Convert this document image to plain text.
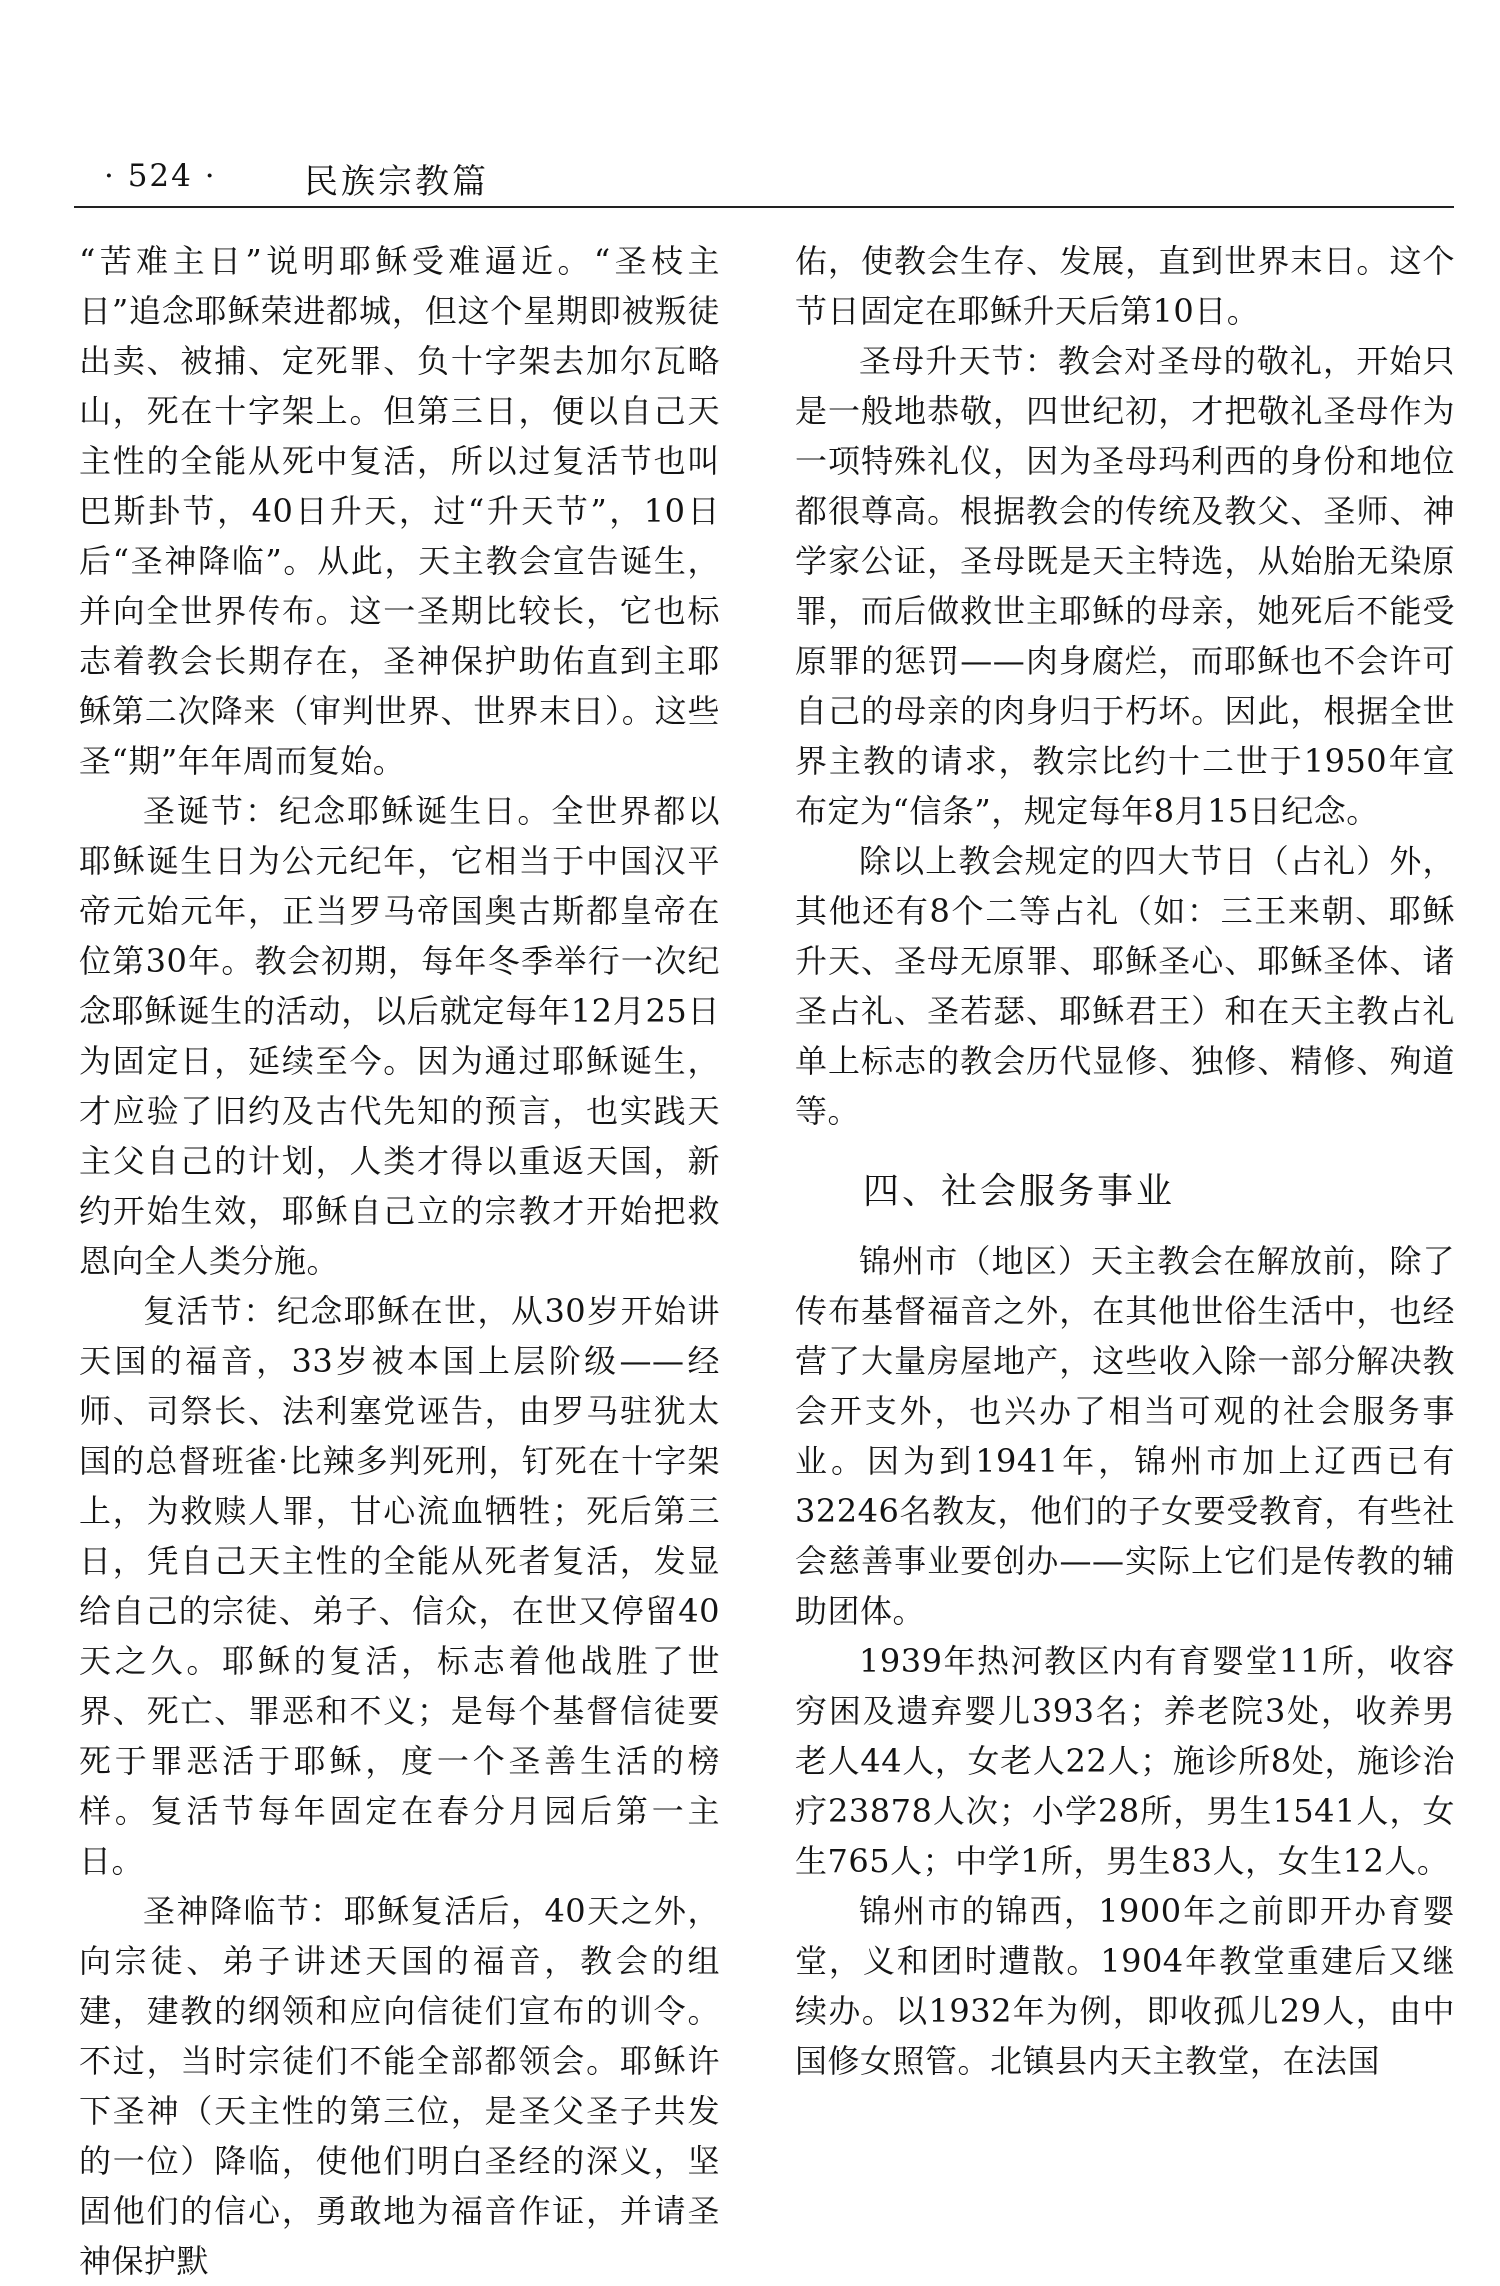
· 524 ·	民族宗教篇

“苦难主日”说明耶稣受难逼近。“圣枝主日”追念耶稣荣进都城，但这个星期即被叛徒出卖、被捕、定死罪、负十字架去加尔瓦略山，死在十字架上。但第三日，便以自己天主性的全能从死中复活，所以过复活节也叫巴斯卦节，40日升天，过“升天节”，10日后“圣神降临”。从此，天主教会宣告诞生，并向全世界传布。这一圣期比较长，它也标志着教会长期存在，圣神保护助佑直到主耶稣第二次降来（审判世界、世界末日）。这些圣“期”年年周而复始。

圣诞节：纪念耶稣诞生日。全世界都以耶稣诞生日为公元纪年，它相当于中国汉平帝元始元年，正当罗马帝国奥古斯都皇帝在位第30年。教会初期，每年冬季举行一次纪念耶稣诞生的活动，以后就定每年12月25日为固定日，延续至今。因为通过耶稣诞生，才应验了旧约及古代先知的预言，也实践天主父自己的计划，人类才得以重返天国，新约开始生效，耶稣自己立的宗教才开始把救恩向全人类分施。

复活节：纪念耶稣在世，从30岁开始讲天国的福音，33岁被本国上层阶级——经师、司祭长、法利塞党诬告，由罗马驻犹太国的总督班雀·比辣多判死刑，钉死在十字架上，为救赎人罪，甘心流血牺牲；死后第三日，凭自己天主性的全能从死者复活，发显给自己的宗徒、弟子、信众，在世又停留40天之久。耶稣的复活，标志着他战胜了世界、死亡、罪恶和不义；是每个基督信徒要死于罪恶活于耶稣，度一个圣善生活的榜样。复活节每年固定在春分月园后第一主日。

圣神降临节：耶稣复活后，40天之外，向宗徒、弟子讲述天国的福音，教会的组建，建教的纲领和应向信徒们宣布的训令。不过，当时宗徒们不能全部都领会。耶稣许下圣神（天主性的第三位，是圣父圣子共发的一位）降临，使他们明白圣经的深义，坚固他们的信心，勇敢地为福音作证，并请圣神保护默

佑，使教会生存、发展，直到世界末日。这个节日固定在耶稣升天后第10日。

圣母升天节：教会对圣母的敬礼，开始只是一般地恭敬，四世纪初，才把敬礼圣母作为一项特殊礼仪，因为圣母玛利西的身份和地位都很尊高。根据教会的传统及教父、圣师、神学家公证，圣母既是天主特选，从始胎无染原罪，而后做救世主耶稣的母亲，她死后不能受原罪的惩罚——肉身腐烂，而耶稣也不会许可自己的母亲的肉身归于朽坏。因此，根据全世界主教的请求，教宗比约十二世于1950年宣布定为“信条”，规定每年8月15日纪念。

除以上教会规定的四大节日（占礼）外，其他还有8个二等占礼（如：三王来朝、耶稣升天、圣母无原罪、耶稣圣心、耶稣圣体、诸圣占礼、圣若瑟、耶稣君王）和在天主教占礼单上标志的教会历代显修、独修、精修、殉道等。

四、社会服务事业

锦州市（地区）天主教会在解放前，除了传布基督福音之外，在其他世俗生活中，也经营了大量房屋地产，这些收入除一部分解决教会开支外，也兴办了相当可观的社会服务事业。因为到1941年，锦州市加上辽西已有32246名教友，他们的子女要受教育，有些社会慈善事业要创办——实际上它们是传教的辅助团体。

1939年热河教区内有育婴堂11所，收容穷困及遗弃婴儿393名；养老院3处，收养男老人44人，女老人22人；施诊所8处，施诊治疗23878人次；小学28所，男生1541人，女生765人；中学1所，男生83人，女生12人。

锦州市的锦西，1900年之前即开办育婴堂，义和团时遭散。1904年教堂重建后又继续办。以1932年为例，即收孤儿29人，由中国修女照管。北镇县内天主教堂，在法国
